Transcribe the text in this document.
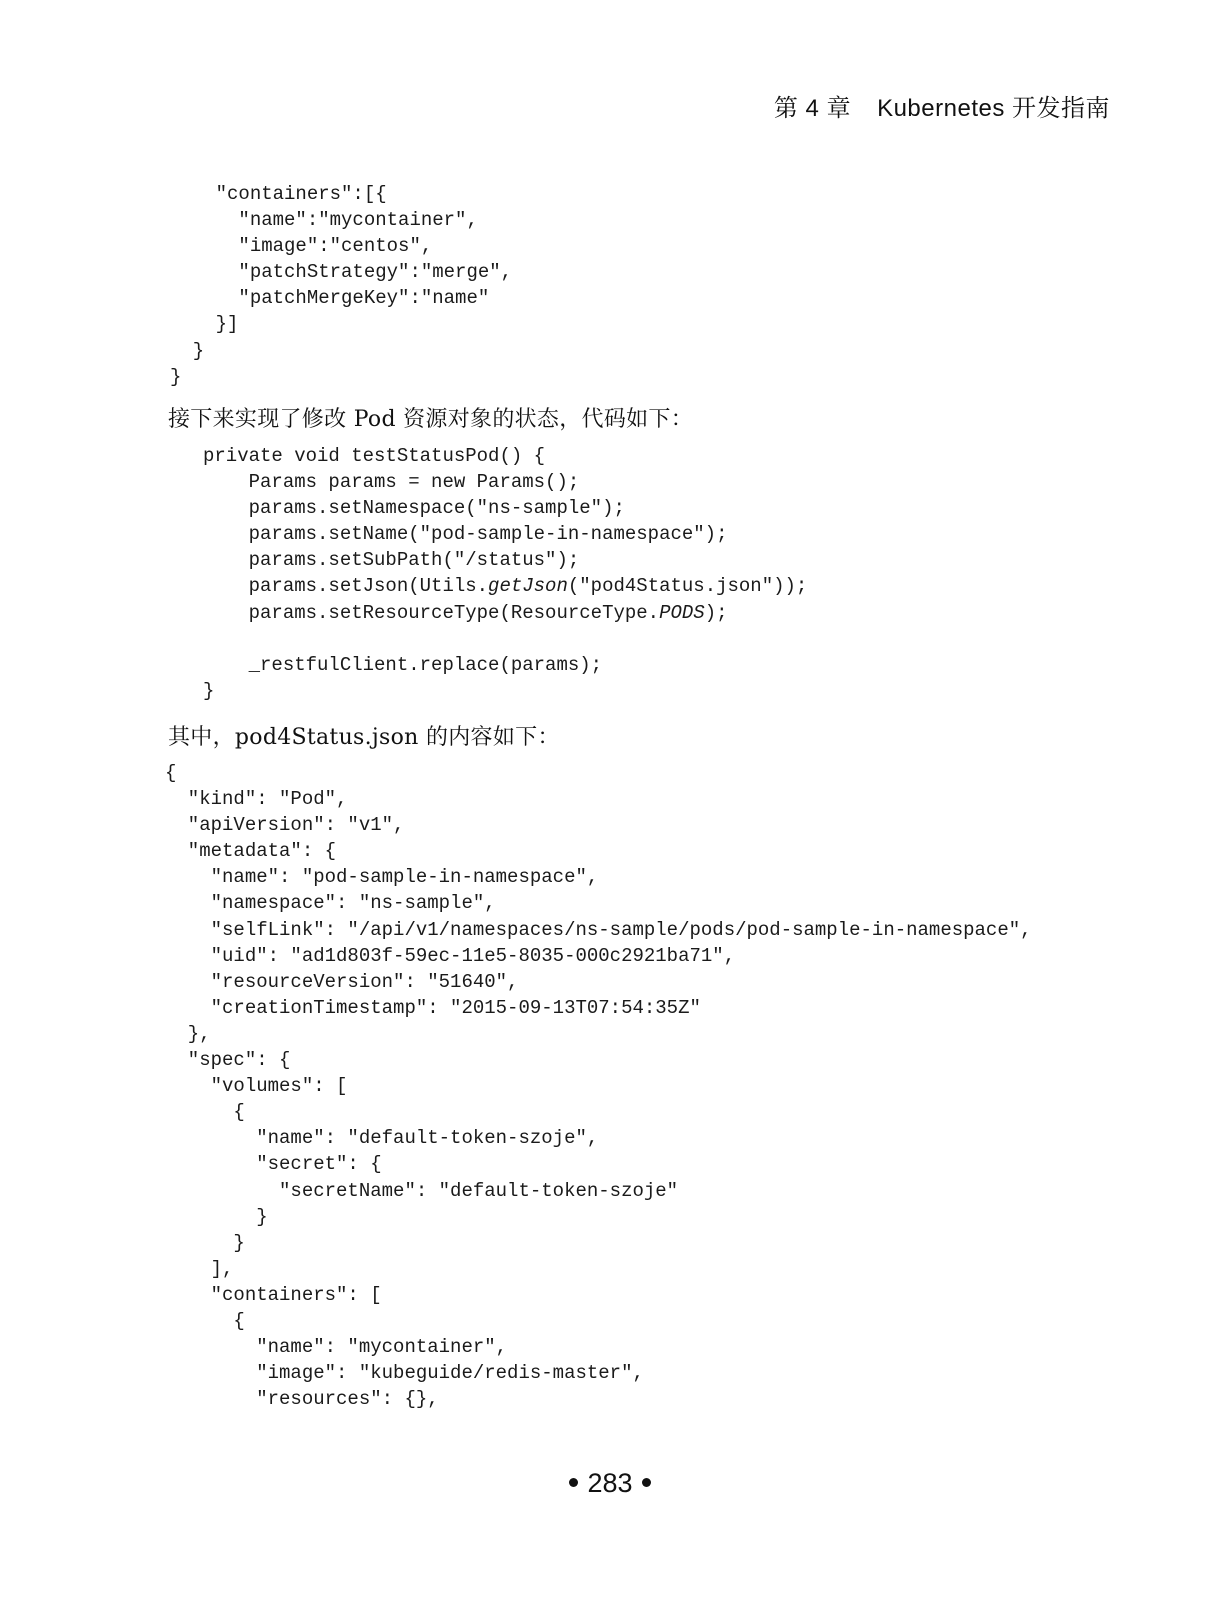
第 4 章 Kubernetes 开发指南
"containers":[{
"name":"mycontainer",
"image":"centos",
"patchStrategy":"merge",
"patchMergeKey":"name"
}]
}
}
接下来实现了修改 Pod 资源对象的状态，代码如下：
private void testStatusPod() {
Params params = new Params();
params.setNamespace("ns-sample");
params.setName("pod-sample-in-namespace");
params.setSubPath("/status");
params.setJson(Utils.getJson("pod4Status.json"));
params.setResourceType(ResourceType.PODS);

_restfulClient.replace(params);
}
其中，pod4Status.json 的内容如下：
{
"kind": "Pod",
"apiVersion": "v1",
"metadata": {
"name": "pod-sample-in-namespace",
"namespace": "ns-sample",
"selfLink": "/api/v1/namespaces/ns-sample/pods/pod-sample-in-namespace",
"uid": "ad1d803f-59ec-11e5-8035-000c2921ba71",
"resourceVersion": "51640",
"creationTimestamp": "2015-09-13T07:54:35Z"
},
"spec": {
"volumes": [
{
"name": "default-token-szoje",
"secret": {
"secretName": "default-token-szoje"
}
}
],
"containers": [
{
"name": "mycontainer",
"image": "kubeguide/redis-master",
"resources": {},
283
